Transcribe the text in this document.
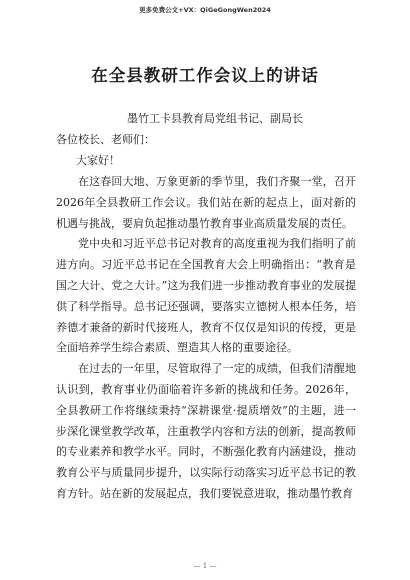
更多免费公文+VX：QiGeGongWen2024
在全县教研工作会议上的讲话
墨竹工卡县教育局党组书记、副局长
各位校长、老师们：
大家好！

在这春回大地、万象更新的季节里，我们齐聚一堂，召开2026年全县教研工作会议。我们站在新的起点上，面对新的机遇与挑战，要肩负起推动墨竹教育事业高质量发展的责任。

党中央和习近平总书记对教育的高度重视为我们指明了前进方向。习近平总书记在全国教育大会上明确指出：“教育是国之大计、党之大计。”这为我们进一步推动教育事业的发展提供了科学指导。总书记还强调，要落实立德树人根本任务，培养德才兼备的新时代接班人，教育不仅仅是知识的传授，更是全面培养学生综合素质、塑造其人格的重要途径。

在过去的一年里，尽管取得了一定的成绩，但我们清醒地认识到，教育事业仍面临着许多新的挑战和任务。2026年，全县教研工作将继续秉持“深耕课堂·提质增效”的主题，进一步深化课堂教学改革，注重教学内容和方法的创新，提高教师的专业素养和教学水平。同时，不断强化教育内涵建设，推动教育公平与质量同步提升，以实际行动落实习近平总书记的教育方针。站在新的发展起点，我们要锐意进取，推动墨竹教育

— 1 —
